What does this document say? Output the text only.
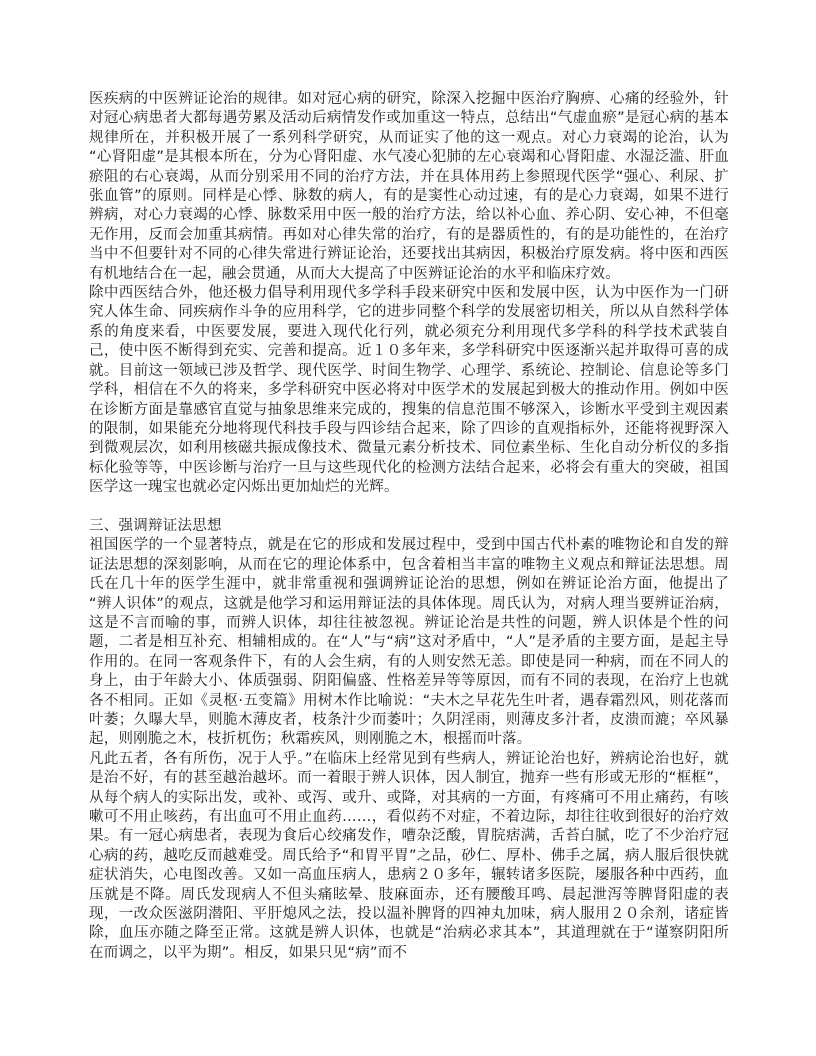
医疾病的中医辨证论治的规律。如对冠心病的研究，除深入挖掘中医治疗胸痹、心痛的经验外，针对冠心病患者大都每遇劳累及活动后病情发作或加重这一特点，总结出“气虚血瘀”是冠心病的基本规律所在，并积极开展了一系列科学研究，从而证实了他的这一观点。对心力衰竭的论治，认为“心肾阳虚”是其根本所在，分为心肾阳虚、水气凌心犯肺的左心衰竭和心肾阳虚、水湿泛滥、肝血瘀阻的右心衰竭，从而分别采用不同的治疗方法，并在具体用药上参照现代医学“强心、利尿、扩张血管”的原则。同样是心悸、脉数的病人，有的是窦性心动过速，有的是心力衰竭，如果不进行辨病，对心力衰竭的心悸、脉数采用中医一般的治疗方法，给以补心血、养心阴、安心神，不但毫无作用，反而会加重其病情。再如对心律失常的治疗，有的是器质性的，有的是功能性的，在治疗当中不但要针对不同的心律失常进行辨证论治，还要找出其病因，积极治疗原发病。将中医和西医有机地结合在一起，融会贯通，从而大大提高了中医辨证论治的水平和临床疗效。

除中西医结合外，他还极力倡导利用现代多学科手段来研究中医和发展中医，认为中医作为一门研究人体生命、同疾病作斗争的应用科学，它的进步同整个科学的发展密切相关，所以从自然科学体系的角度来看，中医要发展，要进入现代化行列，就必须充分利用现代多学科的科学技术武装自己，使中医不断得到充实、完善和提高。近１０多年来，多学科研究中医逐渐兴起并取得可喜的成就。目前这一领域已涉及哲学、现代医学、时间生物学、心理学、系统论、控制论、信息论等多门学科，相信在不久的将来，多学科研究中医必将对中医学术的发展起到极大的推动作用。例如中医在诊断方面是靠感官直觉与抽象思维来完成的，搜集的信息范围不够深入，诊断水平受到主观因素的限制，如果能充分地将现代科技手段与四诊结合起来，除了四诊的直观指标外，还能将视野深入到微观层次，如利用核磁共振成像技术、微量元素分析技术、同位素坐标、生化自动分析仪的多指标化验等等，中医诊断与治疗一旦与这些现代化的检测方法结合起来，必将会有重大的突破，祖国医学这一瑰宝也就必定闪烁出更加灿烂的光辉。

三、强调辩证法思想

祖国医学的一个显著特点，就是在它的形成和发展过程中，受到中国古代朴素的唯物论和自发的辩证法思想的深刻影响，从而在它的理论体系中，包含着相当丰富的唯物主义观点和辩证法思想。周氏在几十年的医学生涯中，就非常重视和强调辨证论治的思想，例如在辨证论治方面，他提出了“辨人识体”的观点，这就是他学习和运用辩证法的具体体现。周氏认为，对病人理当要辨证治病，这是不言而喻的事，而辨人识体，却往往被忽视。辨证论治是共性的问题，辨人识体是个性的问题，二者是相互补充、相辅相成的。在“人”与“病”这对矛盾中，“人”是矛盾的主要方面，是起主导作用的。在同一客观条件下，有的人会生病，有的人则安然无恙。即使是同一种病，而在不同人的身上，由于年龄大小、体质强弱、阴阳偏盛、性格差异等等原因，而有不同的表现，在治疗上也就各不相同。正如《灵枢·五变篇》用树木作比喻说：“夫木之早花先生叶者，遇春霜烈风，则花落而叶萎；久曝大旱，则脆木薄皮者，枝条汁少而萎叶；久阴淫雨，则薄皮多汁者，皮溃而漉；卒风暴起，则刚脆之木，枝折杌伤；秋霜疾风，则刚脆之木，根摇而叶落。

凡此五者，各有所伤，况于人乎。”在临床上经常见到有些病人，辨证论治也好，辨病论治也好，就是治不好，有的甚至越治越坏。而一着眼于辨人识体，因人制宜，抛弃一些有形或无形的“框框”，从每个病人的实际出发，或补、或泻、或升、或降，对其病的一方面，有疼痛可不用止痛药，有咳嗽可不用止咳药，有出血可不用止血药……，看似药不对症，不着边际，却往往收到很好的治疗效果。有一冠心病患者，表现为食后心绞痛发作，嘈杂泛酸，胃脘痞满，舌苔白腻，吃了不少治疗冠心病的药，越吃反而越难受。周氏给予“和胃平胃”之品，砂仁、厚朴、佛手之属，病人服后很快就症状消失，心电图改善。又如一高血压病人，患病２０多年，辗转诸多医院，屡服各种中西药，血压就是不降。周氏发现病人不但头痛眩晕、肢麻面赤，还有腰酸耳鸣、晨起泄泻等脾肾阳虚的表现，一改众医滋阴潜阳、平肝熄风之法，投以温补脾肾的四神丸加味，病人服用２０余剂，诸症皆除，血压亦随之降至正常。这就是辨人识体，也就是“治病必求其本”，其道理就在于“谨察阴阳所在而调之，以平为期”。相反，如果只见“病”而不
